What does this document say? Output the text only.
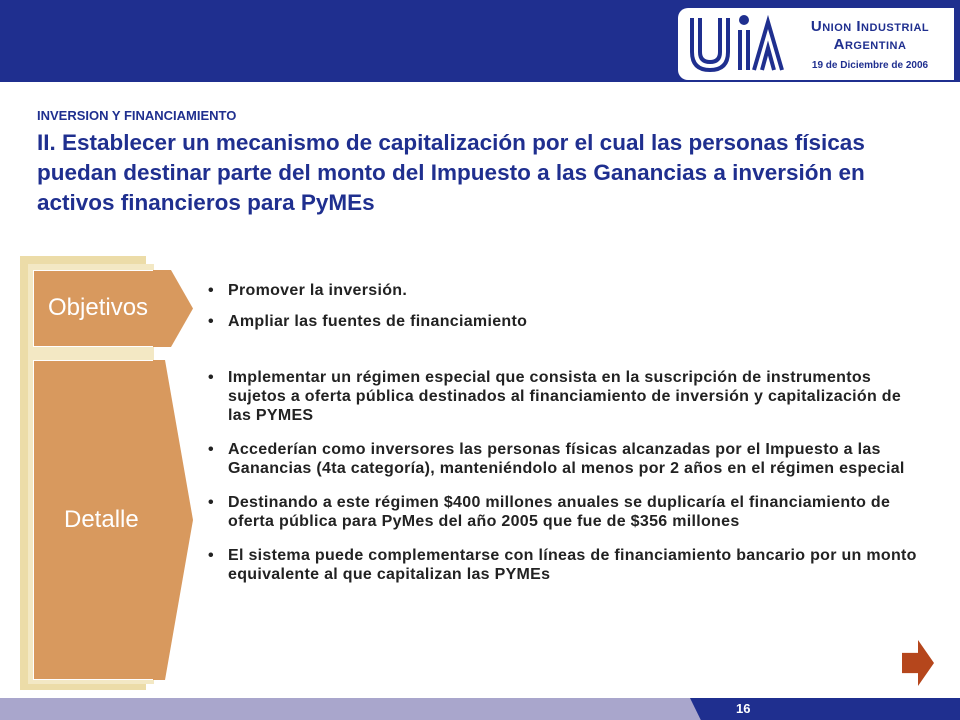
Union Industrial
Argentina
19 de Diciembre de 2006
INVERSION Y FINANCIAMIENTO
II. Establecer un mecanismo de capitalización por el cual las personas físicas puedan destinar parte del monto del Impuesto a las Ganancias a inversión en activos financieros para PyMEs
Objetivos
Detalle
• Promover la inversión.
• Ampliar las fuentes de financiamiento
• Implementar un régimen especial que consista en la suscripción de instrumentos sujetos a oferta pública destinados al financiamiento de inversión y capitalización de las PYMES
• Accederían como inversores las personas físicas alcanzadas por el Impuesto a las Ganancias (4ta categoría), manteniéndolo al menos por 2 años en el régimen especial
• Destinando a este régimen $400 millones anuales se duplicaría el financiamiento de oferta pública para PyMes del año 2005 que fue de $356 millones
• El sistema puede complementarse con líneas de financiamiento bancario por un monto equivalente al que capitalizan las PYMEs
16
